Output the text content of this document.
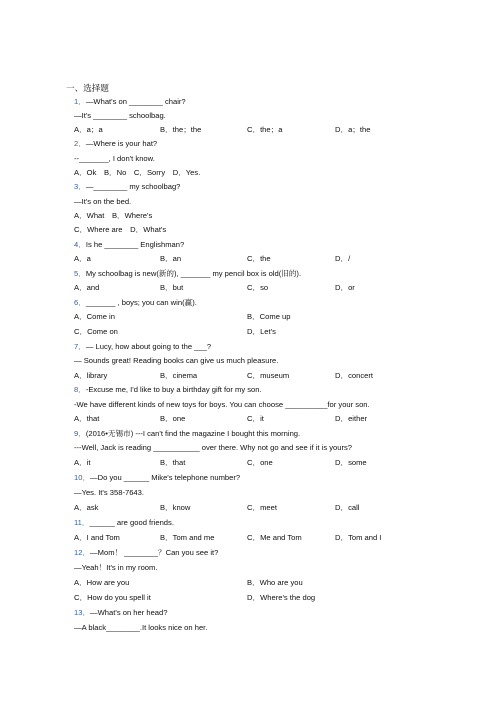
一、选择题
1．—What's on ________ chair?
—It's ________ schoolbag.
A．a；a	B．the；the	C．the；a	D．a；the
2．—Where is your hat?
--_______, I don't know.
A．Ok　B．No　C．Sorry　D．Yes.
3．—________ my schoolbag?
—It's on the bed.
A．What　B．Where's
C．Where are　D．What's
4．Is he ________ Englishman?
A．a	B．an	C．the	D．/
5．My schoolbag is new(新的), _______ my pencil box is old(旧的).
A．and	B．but	C．so	D．or
6．_______ , boys; you can win(赢).
A．Come in	B．Come up
C．Come on	D．Let's
7．— Lucy, how about going to the ___?
— Sounds great! Reading books can give us much pleasure.
A．library	B．cinema	C．museum	D．concert
8．-Excuse me, I'd like to buy a birthday gift for my son.
-We have different kinds of new toys for boys. You can choose __________for your son.
A．that	B．one	C．it	D．either
9．(2016•无锡市) ---I can't find the magazine I bought this morning.
---Well, Jack is reading ___________ over there. Why not go and see if it is yours?
A．it	B．that	C．one	D．some
10．—Do you ______ Mike's telephone number?
—Yes. It's 358-7643.
A．ask	B．know	C．meet	D．call
11．______ are good friends.
A．I and Tom	B．Tom and me	C．Me and Tom	D．Tom and I
12．—Mom！ ________？Can you see it?
—Yeah！It's in my room.
A．How are you	B．Who are you
C．How do you spell it	D．Where's the dog
13．—What's on her head?
—A black________.It looks nice on her.
